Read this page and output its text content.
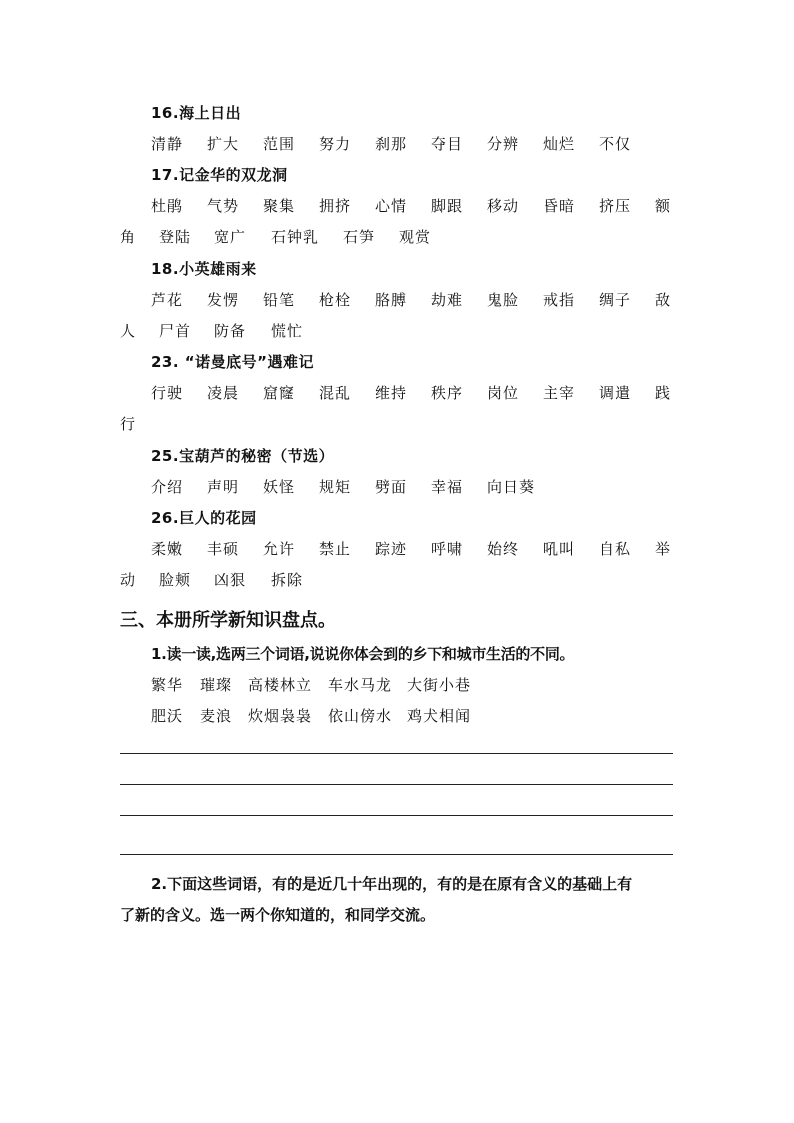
16.海上日出
清静 扩大 范围 努力 刹那 夺目 分辨 灿烂 不仅
17.记金华的双龙洞
杜鹃 气势 聚集 拥挤 心情 脚跟 移动 昏暗 挤压 额
角 登陆 宽广 石钟乳 石笋 观赏
18.小英雄雨来
芦花 发愣 铅笔 枪栓 胳膊 劫难 鬼脸 戒指 绸子 敌
人 尸首 防备 慌忙
23. “诺曼底号”遇难记
行驶 凌晨 窟窿 混乱 维持 秩序 岗位 主宰 调遣 践
行
25.宝葫芦的秘密（节选）
介绍 声明 妖怪 规矩 劈面 幸福 向日葵
26.巨人的花园
柔嫩 丰硕 允许 禁止 踪迹 呼啸 始终 吼叫 自私 举
动 脸颊 凶狠 拆除
三、本册所学新知识盘点。
1.读一读,选两三个词语,说说你体会到的乡下和城市生活的不同。
繁华 璀璨 高楼林立 车水马龙 大街小巷
肥沃 麦浪 炊烟袅袅 依山傍水 鸡犬相闻
2.下面这些词语，有的是近几十年出现的，有的是在原有含义的基础上有
了新的含义。选一两个你知道的，和同学交流。
